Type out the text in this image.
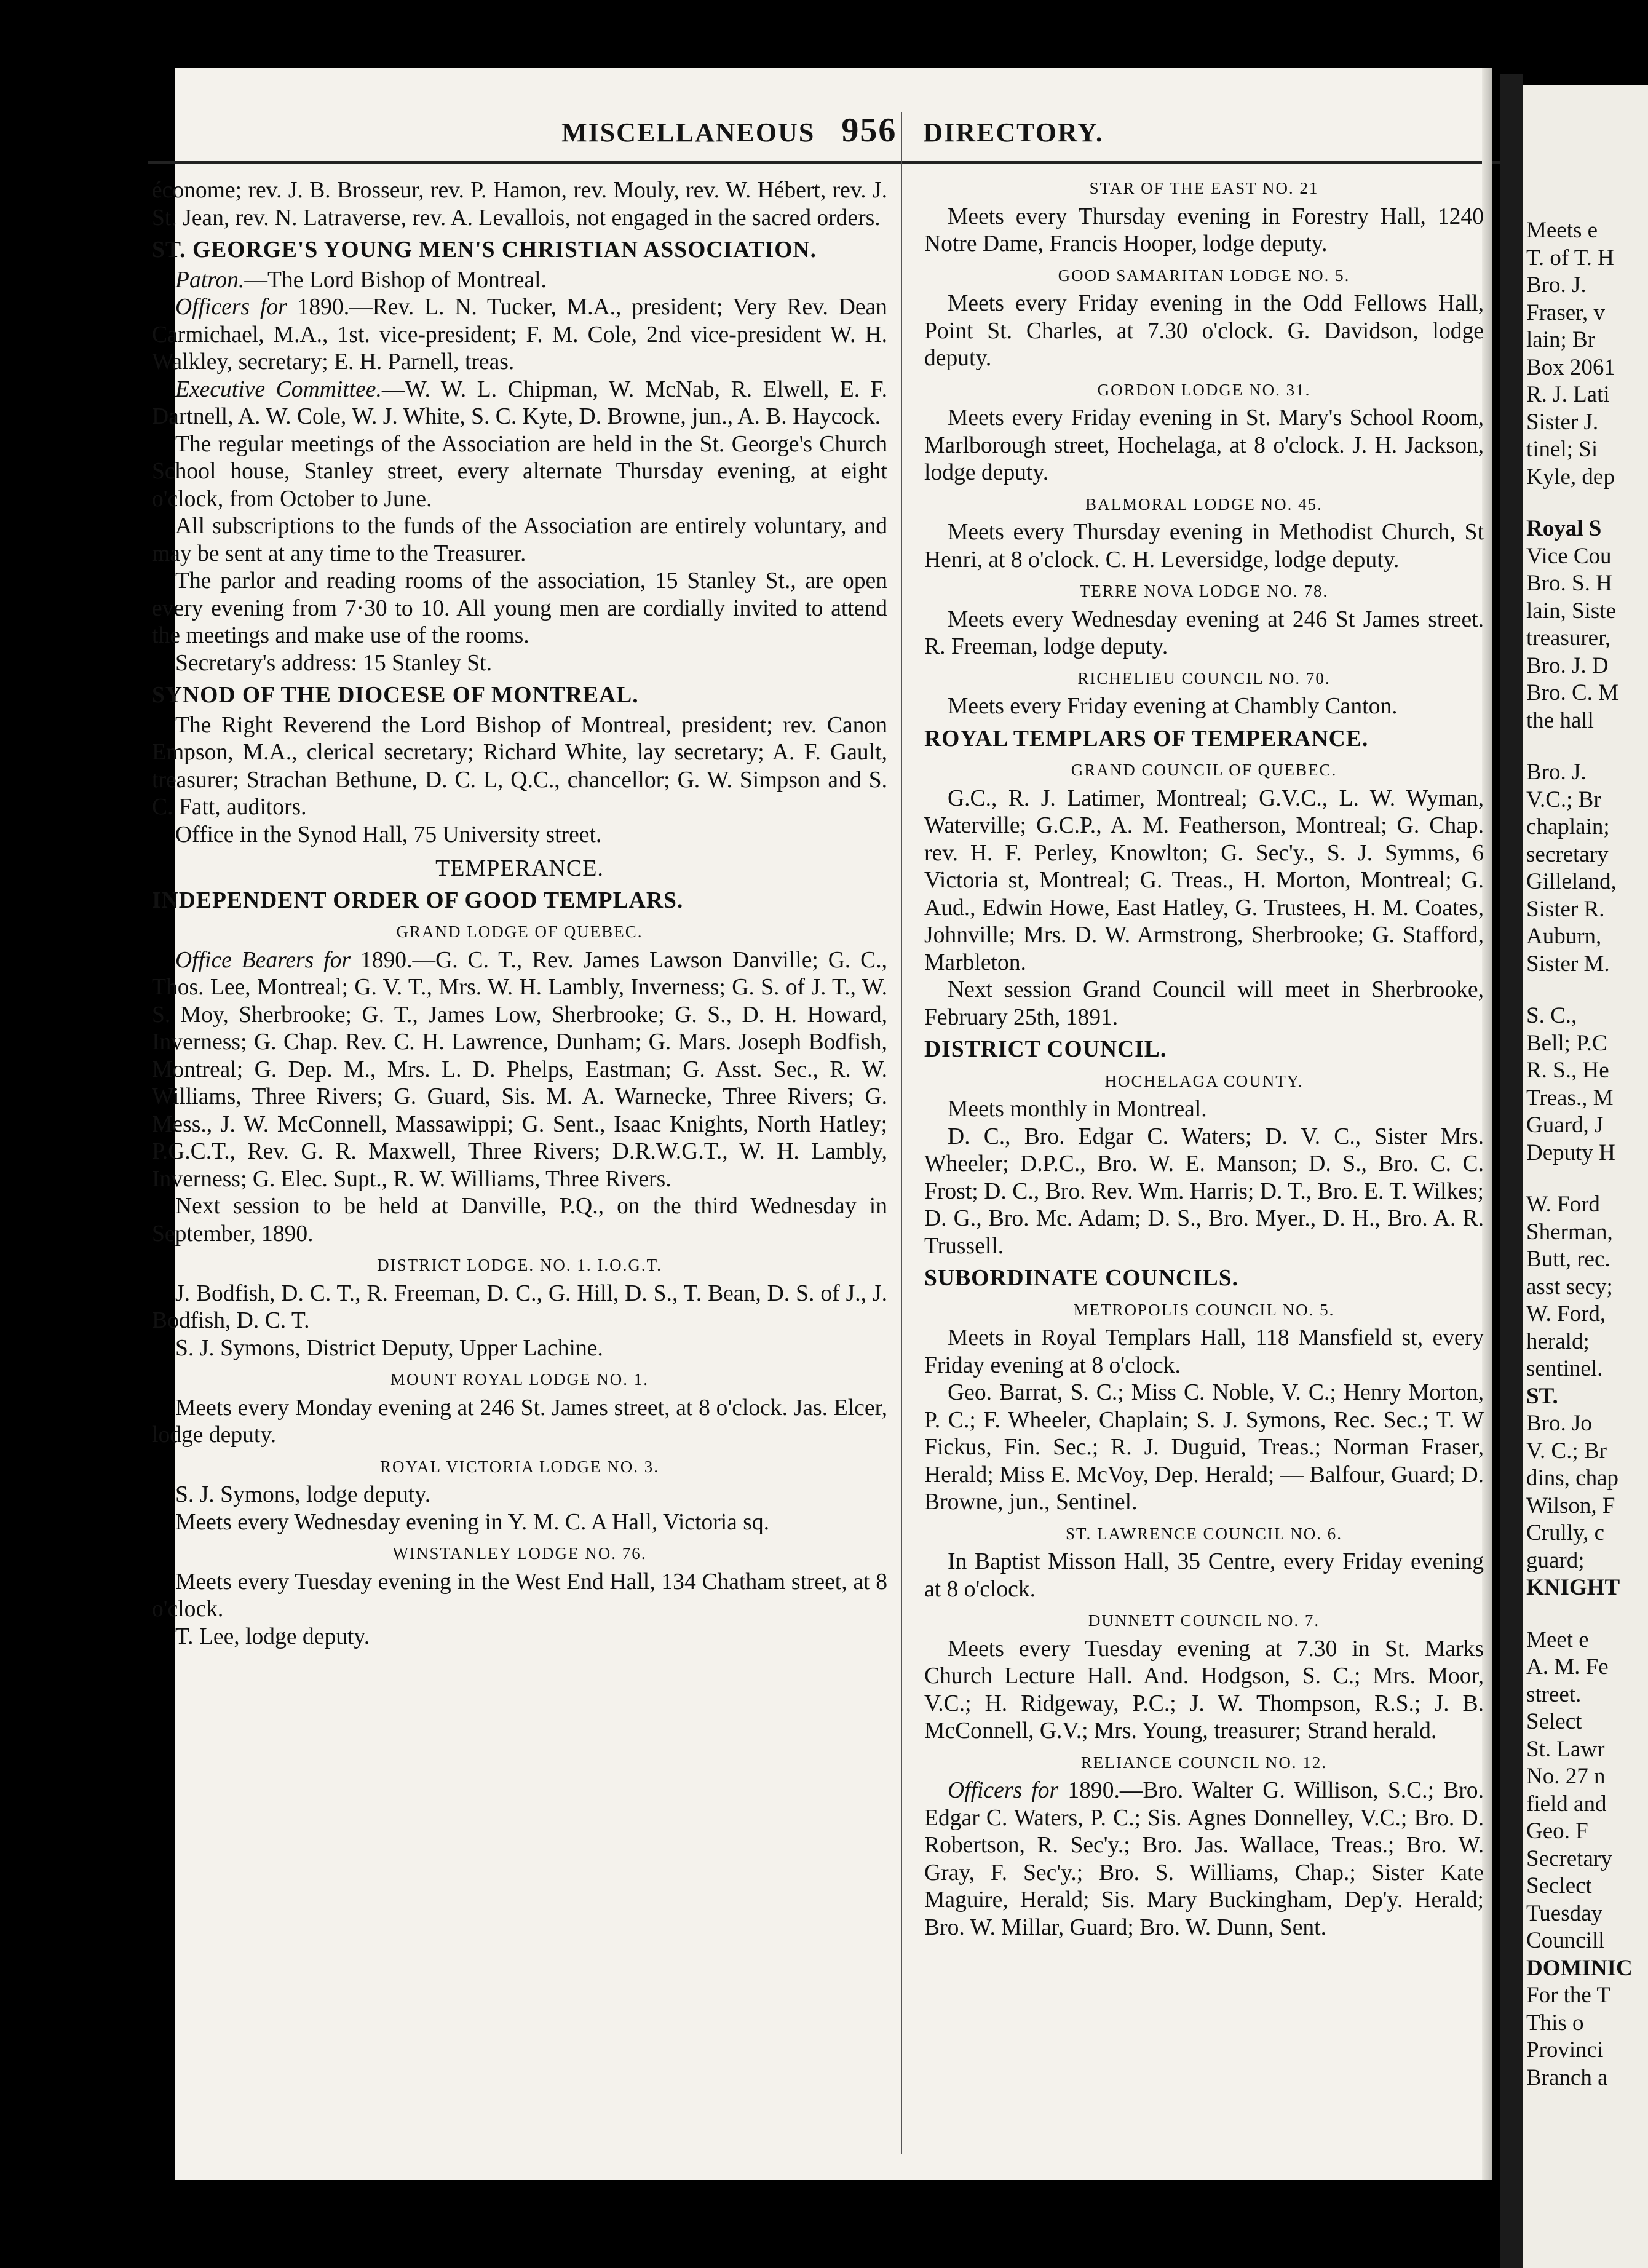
MISCELLANEOUS 956 DIRECTORY.

économe; rev. J. B. Brosseur, rev. P. Hamon, rev. Mouly, rev. W. Hébert, rev. J. St. Jean, rev. N. Latraverse, rev. A. Levallois, not engaged in the sacred orders.

ST. GEORGE'S YOUNG MEN'S CHRISTIAN ASSOCIATION.

Patron.—The Lord Bishop of Montreal.

Officers for 1890.—Rev. L. N. Tucker, M.A., president; Very Rev. Dean Carmichael, M.A., 1st. vice-president; F. M. Cole, 2nd vice-president W. H. Walkley, secretary; E. H. Parnell, treas.

Executive Committee.—W. W. L. Chipman, W. McNab, R. Elwell, E. F. Dartnell, A. W. Cole, W. J. White, S. C. Kyte, D. Browne, jun., A. B. Haycock.

The regular meetings of the Association are held in the St. George's Church School house, Stanley street, every alternate Thursday evening, at eight o'clock, from October to June.

All subscriptions to the funds of the Association are entirely voluntary, and may be sent at any time to the Treasurer.

The parlor and reading rooms of the association, 15 Stanley St., are open every evening from 7·30 to 10. All young men are cordially invited to attend the meetings and make use of the rooms.

Secretary's address: 15 Stanley St.

SYNOD OF THE DIOCESE OF MONTREAL.

The Right Reverend the Lord Bishop of Montreal, president; rev. Canon Empson, M.A., clerical secretary; Richard White, lay secretary; A. F. Gault, treasurer; Strachan Bethune, D. C. L, Q.C., chancellor; G. W. Simpson and S. C. Fatt, auditors.

Office in the Synod Hall, 75 University street.

TEMPERANCE.
INDEPENDENT ORDER OF GOOD TEMPLARS.
GRAND LODGE OF QUEBEC.

Office Bearers for 1890.—G. C. T., Rev. James Lawson Danville; G. C., Thos. Lee, Montreal; G. V. T., Mrs. W. H. Lambly, Inverness; G. S. of J. T., W. S. Moy, Sherbrooke; G. T., James Low, Sherbrooke; G. S., D. H. Howard, Inverness; G. Chap. Rev. C. H. Lawrence, Dunham; G. Mars. Joseph Bodfish, Montreal; G. Dep. M., Mrs. L. D. Phelps, Eastman; G. Asst. Sec., R. W. Williams, Three Rivers; G. Guard, Sis. M. A. Warnecke, Three Rivers; G. Mess., J. W. McConnell, Massawippi; G. Sent., Isaac Knights, North Hatley; P.G.C.T., Rev. G. R. Maxwell, Three Rivers; D.R.W.G.T., W. H. Lambly, Inverness; G. Elec. Supt., R. W. Williams, Three Rivers.

Next session to be held at Danville, P.Q., on the third Wednesday in September, 1890.

DISTRICT LODGE. NO. 1. I.O.G.T.

J. Bodfish, D. C. T., R. Freeman, D. C., G. Hill, D. S., T. Bean, D. S. of J., J. Bodfish, D. C. T.

S. J. Symons, District Deputy, Upper Lachine.

MOUNT ROYAL LODGE NO. 1.

Meets every Monday evening at 246 St. James street, at 8 o'clock. Jas. Elcer, lodge deputy.

ROYAL VICTORIA LODGE NO. 3.

S. J. Symons, lodge deputy.

Meets every Wednesday evening in Y. M. C. A Hall, Victoria sq.

WINSTANLEY LODGE NO. 76.

Meets every Tuesday evening in the West End Hall, 134 Chatham street, at 8 o'clock.

T. Lee, lodge deputy.

STAR OF THE EAST NO. 21

Meets every Thursday evening in Forestry Hall, 1240 Notre Dame, Francis Hooper, lodge deputy.

GOOD SAMARITAN LODGE NO. 5.

Meets every Friday evening in the Odd Fellows Hall, Point St. Charles, at 7.30 o'clock. G. Davidson, lodge deputy.

GORDON LODGE NO. 31.

Meets every Friday evening in St. Mary's School Room, Marlborough street, Hochelaga, at 8 o'clock. J. H. Jackson, lodge deputy.

BALMORAL LODGE NO. 45.

Meets every Thursday evening in Methodist Church, St Henri, at 8 o'clock. C. H. Leversidge, lodge deputy.

TERRE NOVA LODGE NO. 78.

Meets every Wednesday evening at 246 St James street. R. Freeman, lodge deputy.

RICHELIEU COUNCIL NO. 70.

Meets every Friday evening at Chambly Canton.

ROYAL TEMPLARS OF TEMPERANCE.
GRAND COUNCIL OF QUEBEC.

G.C., R. J. Latimer, Montreal; G.V.C., L. W. Wyman, Waterville; G.C.P., A. M. Featherson, Montreal; G. Chap. rev. H. F. Perley, Knowlton; G. Sec'y., S. J. Symms, 6 Victoria st, Montreal; G. Treas., H. Morton, Montreal; G. Aud., Edwin Howe, East Hatley, G. Trustees, H. M. Coates, Johnville; Mrs. D. W. Armstrong, Sherbrooke; G. Stafford, Marbleton.

Next session Grand Council will meet in Sherbrooke, February 25th, 1891.

DISTRICT COUNCIL.
HOCHELAGA COUNTY.

Meets monthly in Montreal.

D. C., Bro. Edgar C. Waters; D. V. C., Sister Mrs. Wheeler; D.P.C., Bro. W. E. Manson; D. S., Bro. C. C. Frost; D. C., Bro. Rev. Wm. Harris; D. T., Bro. E. T. Wilkes; D. G., Bro. Mc. Adam; D. S., Bro. Myer., D. H., Bro. A. R. Trussell.

SUBORDINATE COUNCILS.
METROPOLIS COUNCIL NO. 5.

Meets in Royal Templars Hall, 118 Mansfield st, every Friday evening at 8 o'clock.

Geo. Barrat, S. C.; Miss C. Noble, V. C.; Henry Morton, P. C.; F. Wheeler, Chaplain; S. J. Symons, Rec. Sec.; T. W Fickus, Fin. Sec.; R. J. Duguid, Treas.; Norman Fraser, Herald; Miss E. McVoy, Dep. Herald; — Balfour, Guard; D. Browne, jun., Sentinel.

ST. LAWRENCE COUNCIL NO. 6.

In Baptist Misson Hall, 35 Centre, every Friday evening at 8 o'clock.

DUNNETT COUNCIL NO. 7.

Meets every Tuesday evening at 7.30 in St. Marks Church Lecture Hall. And. Hodgson, S. C.; Mrs. Moor, V.C.; H. Ridgeway, P.C.; J. W. Thompson, R.S.; J. B. McConnell, G.V.; Mrs. Young, treasurer; Strand herald.

RELIANCE COUNCIL NO. 12.

Officers for 1890.—Bro. Walter G. Willison, S.C.; Bro. Edgar C. Waters, P. C.; Sis. Agnes Donnelley, V.C.; Bro. D. Robertson, R. Sec'y.; Bro. Jas. Wallace, Treas.; Bro. W. Gray, F. Sec'y.; Bro. S. Williams, Chap.; Sister Kate Maguire, Herald; Sis. Mary Buckingham, Dep'y. Herald; Bro. W. Millar, Guard; Bro. W. Dunn, Sent.

Meets e
T. of T. H
Bro. J.
Fraser, v
lain; Br
Box 2061
R. J. Lati
Sister J.
tinel; Si
Kyle, dep
Royal S
Vice Cou
Bro. S. H
lain, Siste
treasurer,
Bro. J. D
Bro. C. M
the hall
Bro. J.
V.C.; Br
chaplain;
secretary
Gilleland,
Sister R.
Auburn,
Sister M.
S. C.,
Bell; P.C
R. S., He
Treas., M
Guard, J
Deputy H
W. Ford
Sherman,
Butt, rec.
asst secy;
W. Ford,
herald;
sentinel.
ST.
Bro. Jo
V. C.; Br
dins, chap
Wilson, F
Crully, c
guard;
KNIGHT
Meet e
A. M. Fe
street.
Select
St. Lawr
No. 27 n
field and
Geo. F
Secretary
Seclect
Tuesday
Councill
DOMINIC
For the T
This o
Provinci
Branch a
